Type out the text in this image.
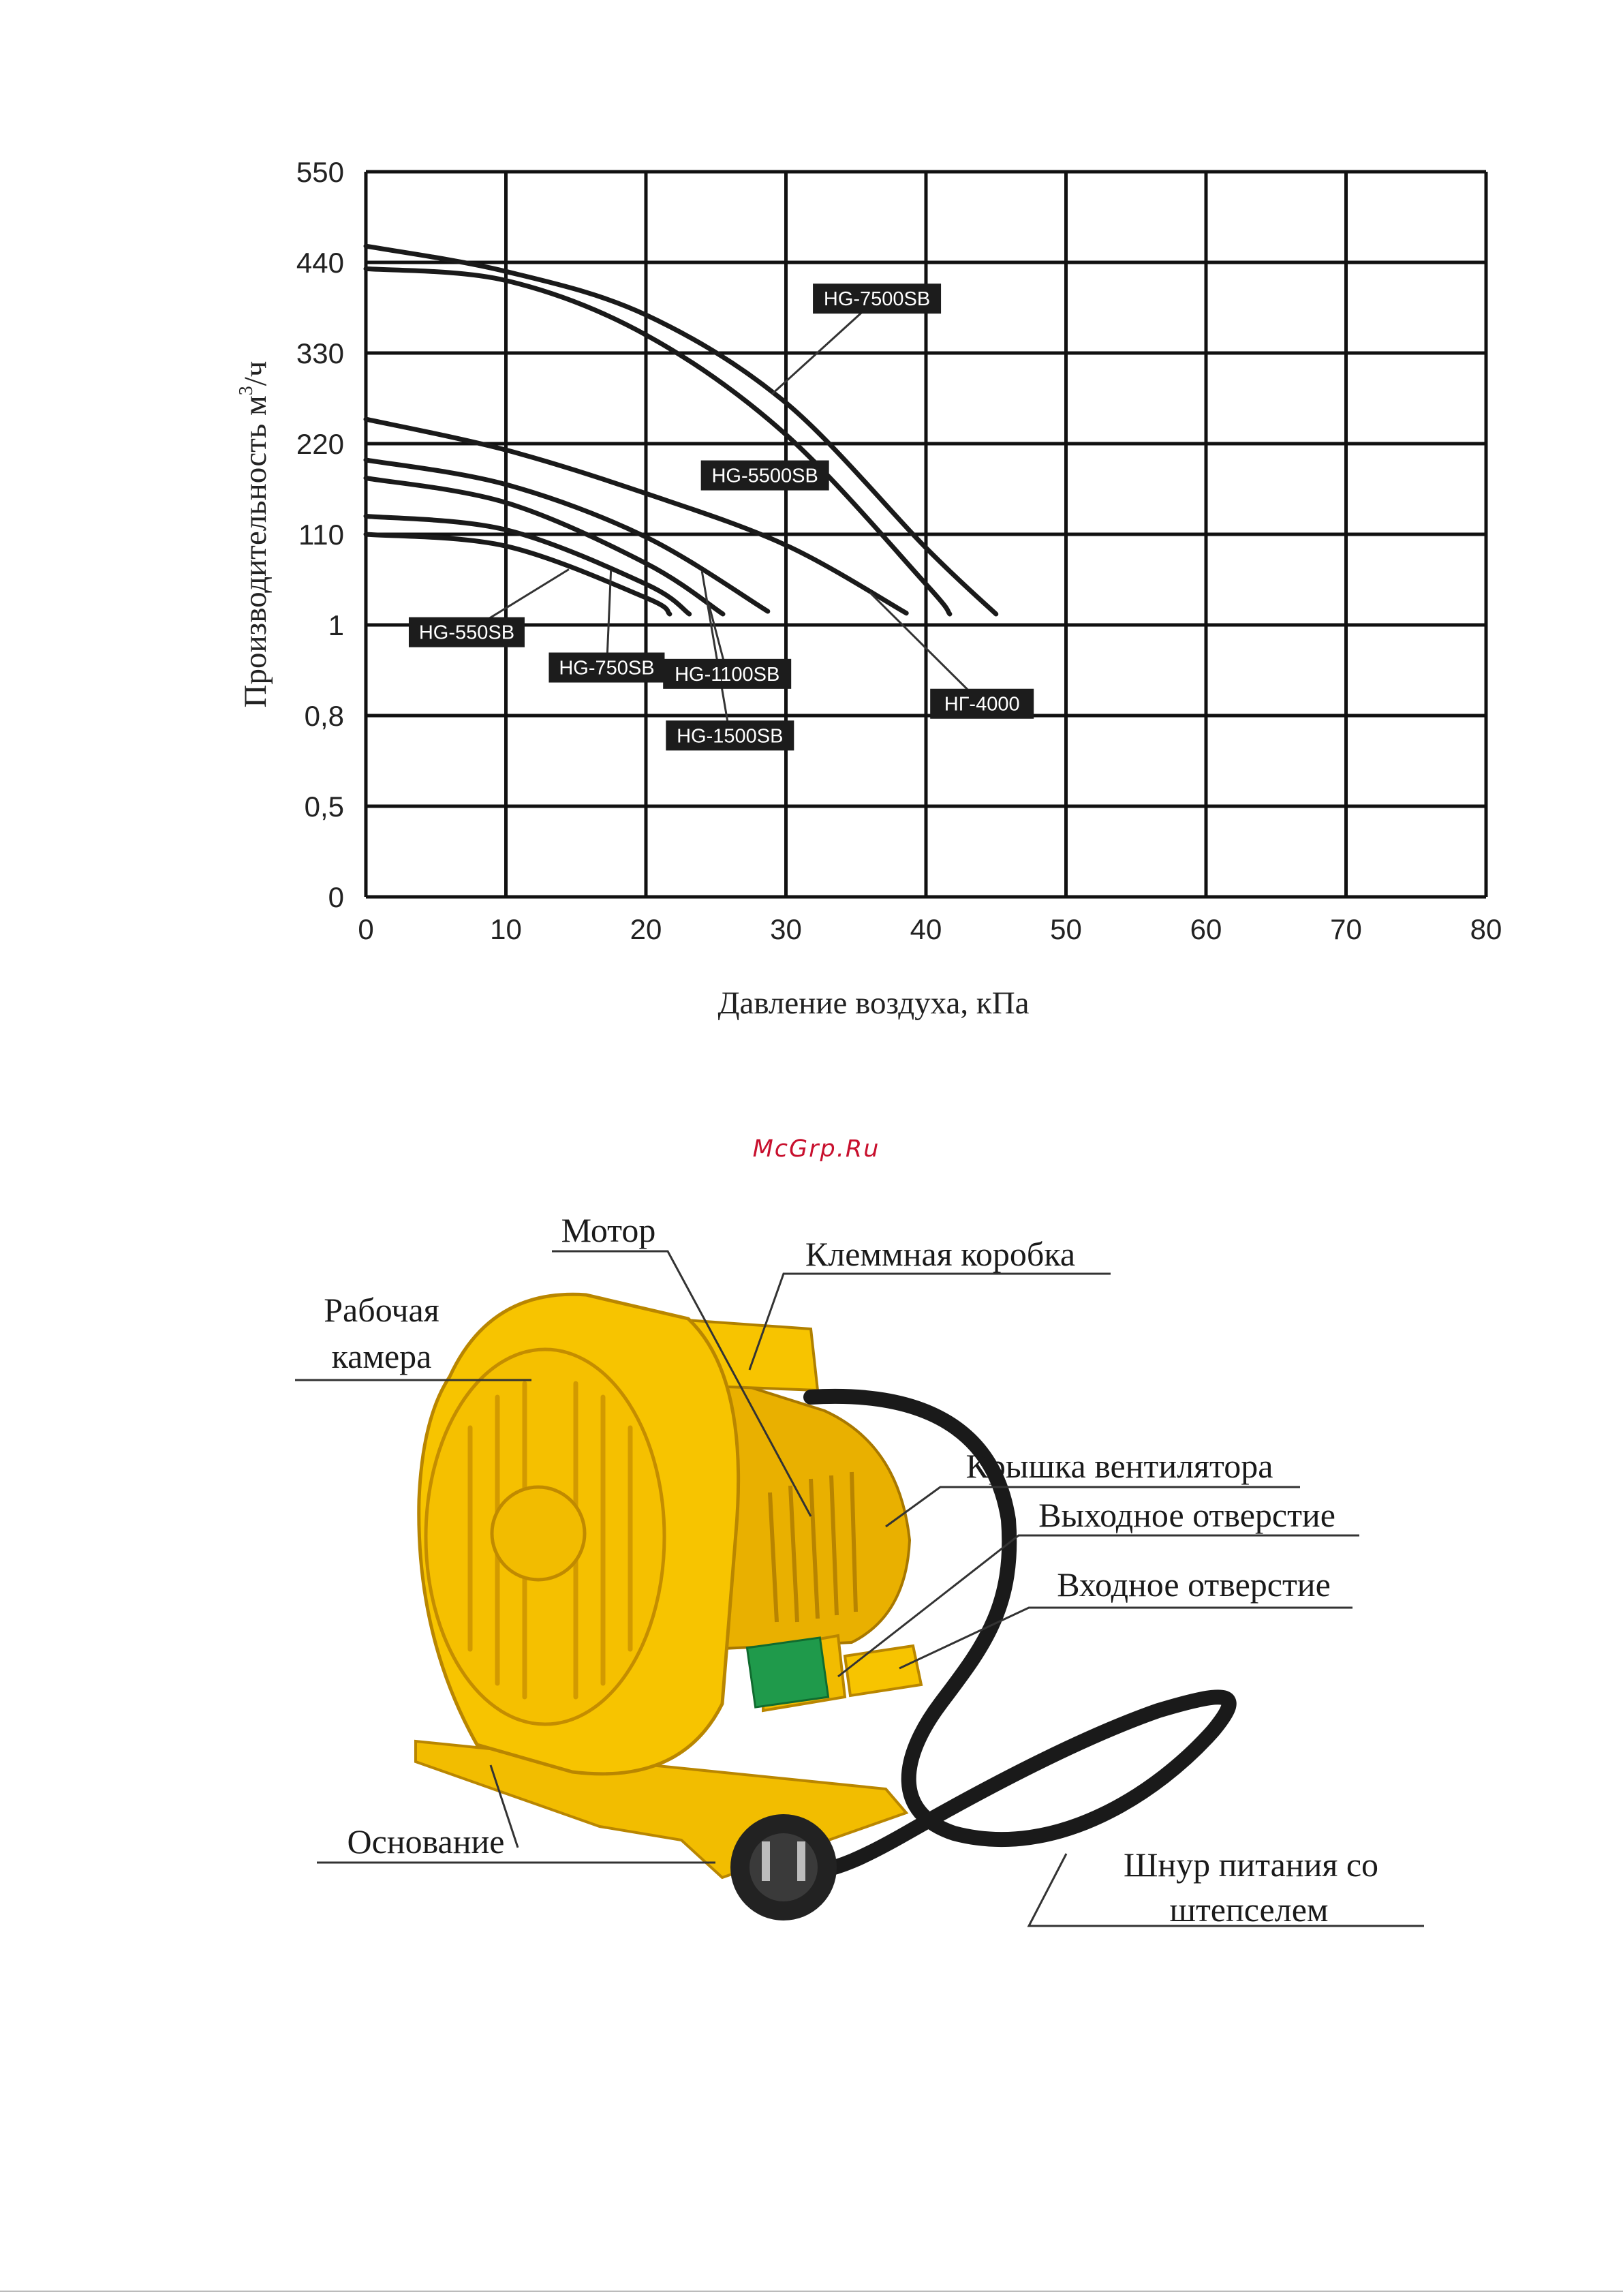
0	10	20	30	40	50	60	70	80
0
0,5
0,8
1
110
220
330
440
550
HG-7500SB
HG-5500SB
HG-550SB
HG-750SB HG-1100SB
HG-1500SB
НГ-4000
Давление воздуха, кПа
Производительность $м^3/ч$
McGrp.Ru
Мотор
Клеммная коробка
Рабочая
камера
Крышка вентилятора
Выходное отверстие
Входное отверстие
Основание
Шнур питания со
штепселем
